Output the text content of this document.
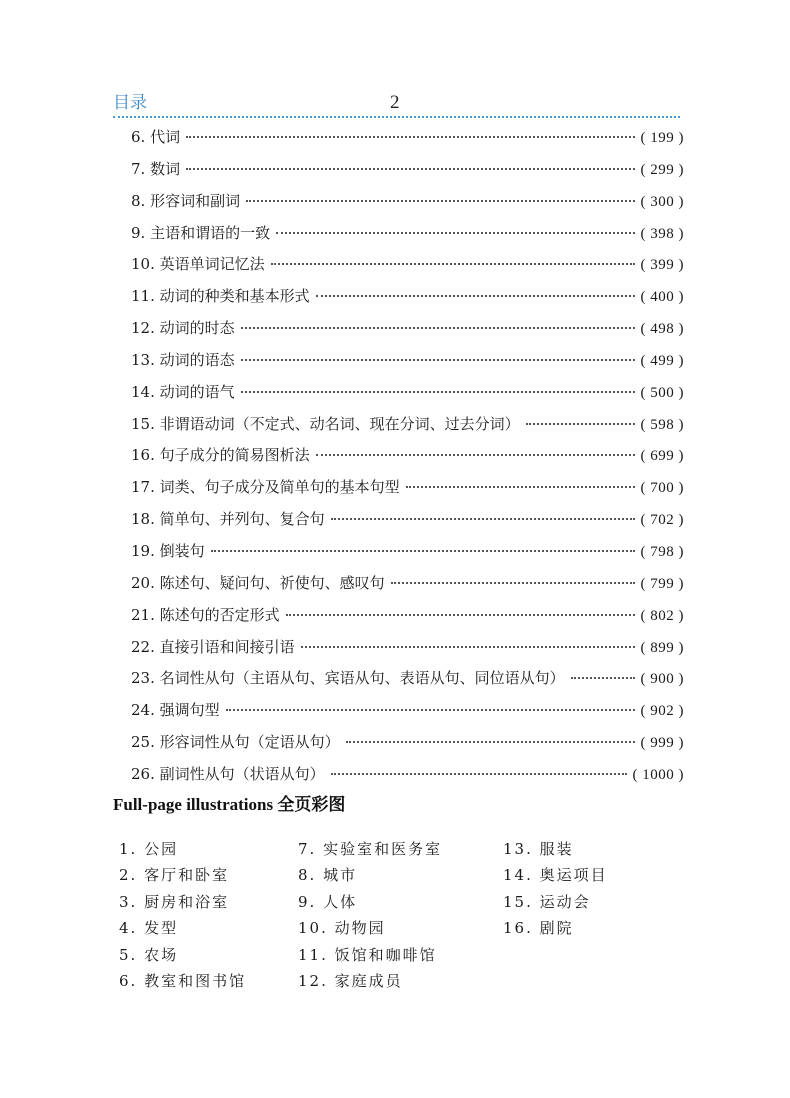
目录	2
6. 代词	( 199 )
7. 数词	( 299 )
8. 形容词和副词	( 300 )
9. 主语和谓语的一致	( 398 )
10. 英语单词记忆法	( 399 )
11. 动词的种类和基本形式	( 400 )
12. 动词的时态	( 498 )
13. 动词的语态	( 499 )
14. 动词的语气	( 500 )
15. 非谓语动词（不定式、动名词、现在分词、过去分词）	( 598 )
16. 句子成分的简易图析法	( 699 )
17. 词类、句子成分及简单句的基本句型	( 700 )
18. 简单句、并列句、复合句	( 702 )
19. 倒装句	( 798 )
20. 陈述句、疑问句、祈使句、感叹句	( 799 )
21. 陈述句的否定形式	( 802 )
22. 直接引语和间接引语	( 899 )
23. 名词性从句（主语从句、宾语从句、表语从句、同位语从句）	( 900 )
24. 强调句型	( 902 )
25. 形容词性从句（定语从句）	( 999 )
26. 副词性从句（状语从句）	( 1000 )
Full-page illustrations 全页彩图
1. 公园
2. 客厅和卧室
3. 厨房和浴室
4. 发型
5. 农场
6. 教室和图书馆
7. 实验室和医务室
8. 城市
9. 人体
10. 动物园
11. 饭馆和咖啡馆
12. 家庭成员
13. 服装
14. 奥运项目
15. 运动会
16. 剧院
